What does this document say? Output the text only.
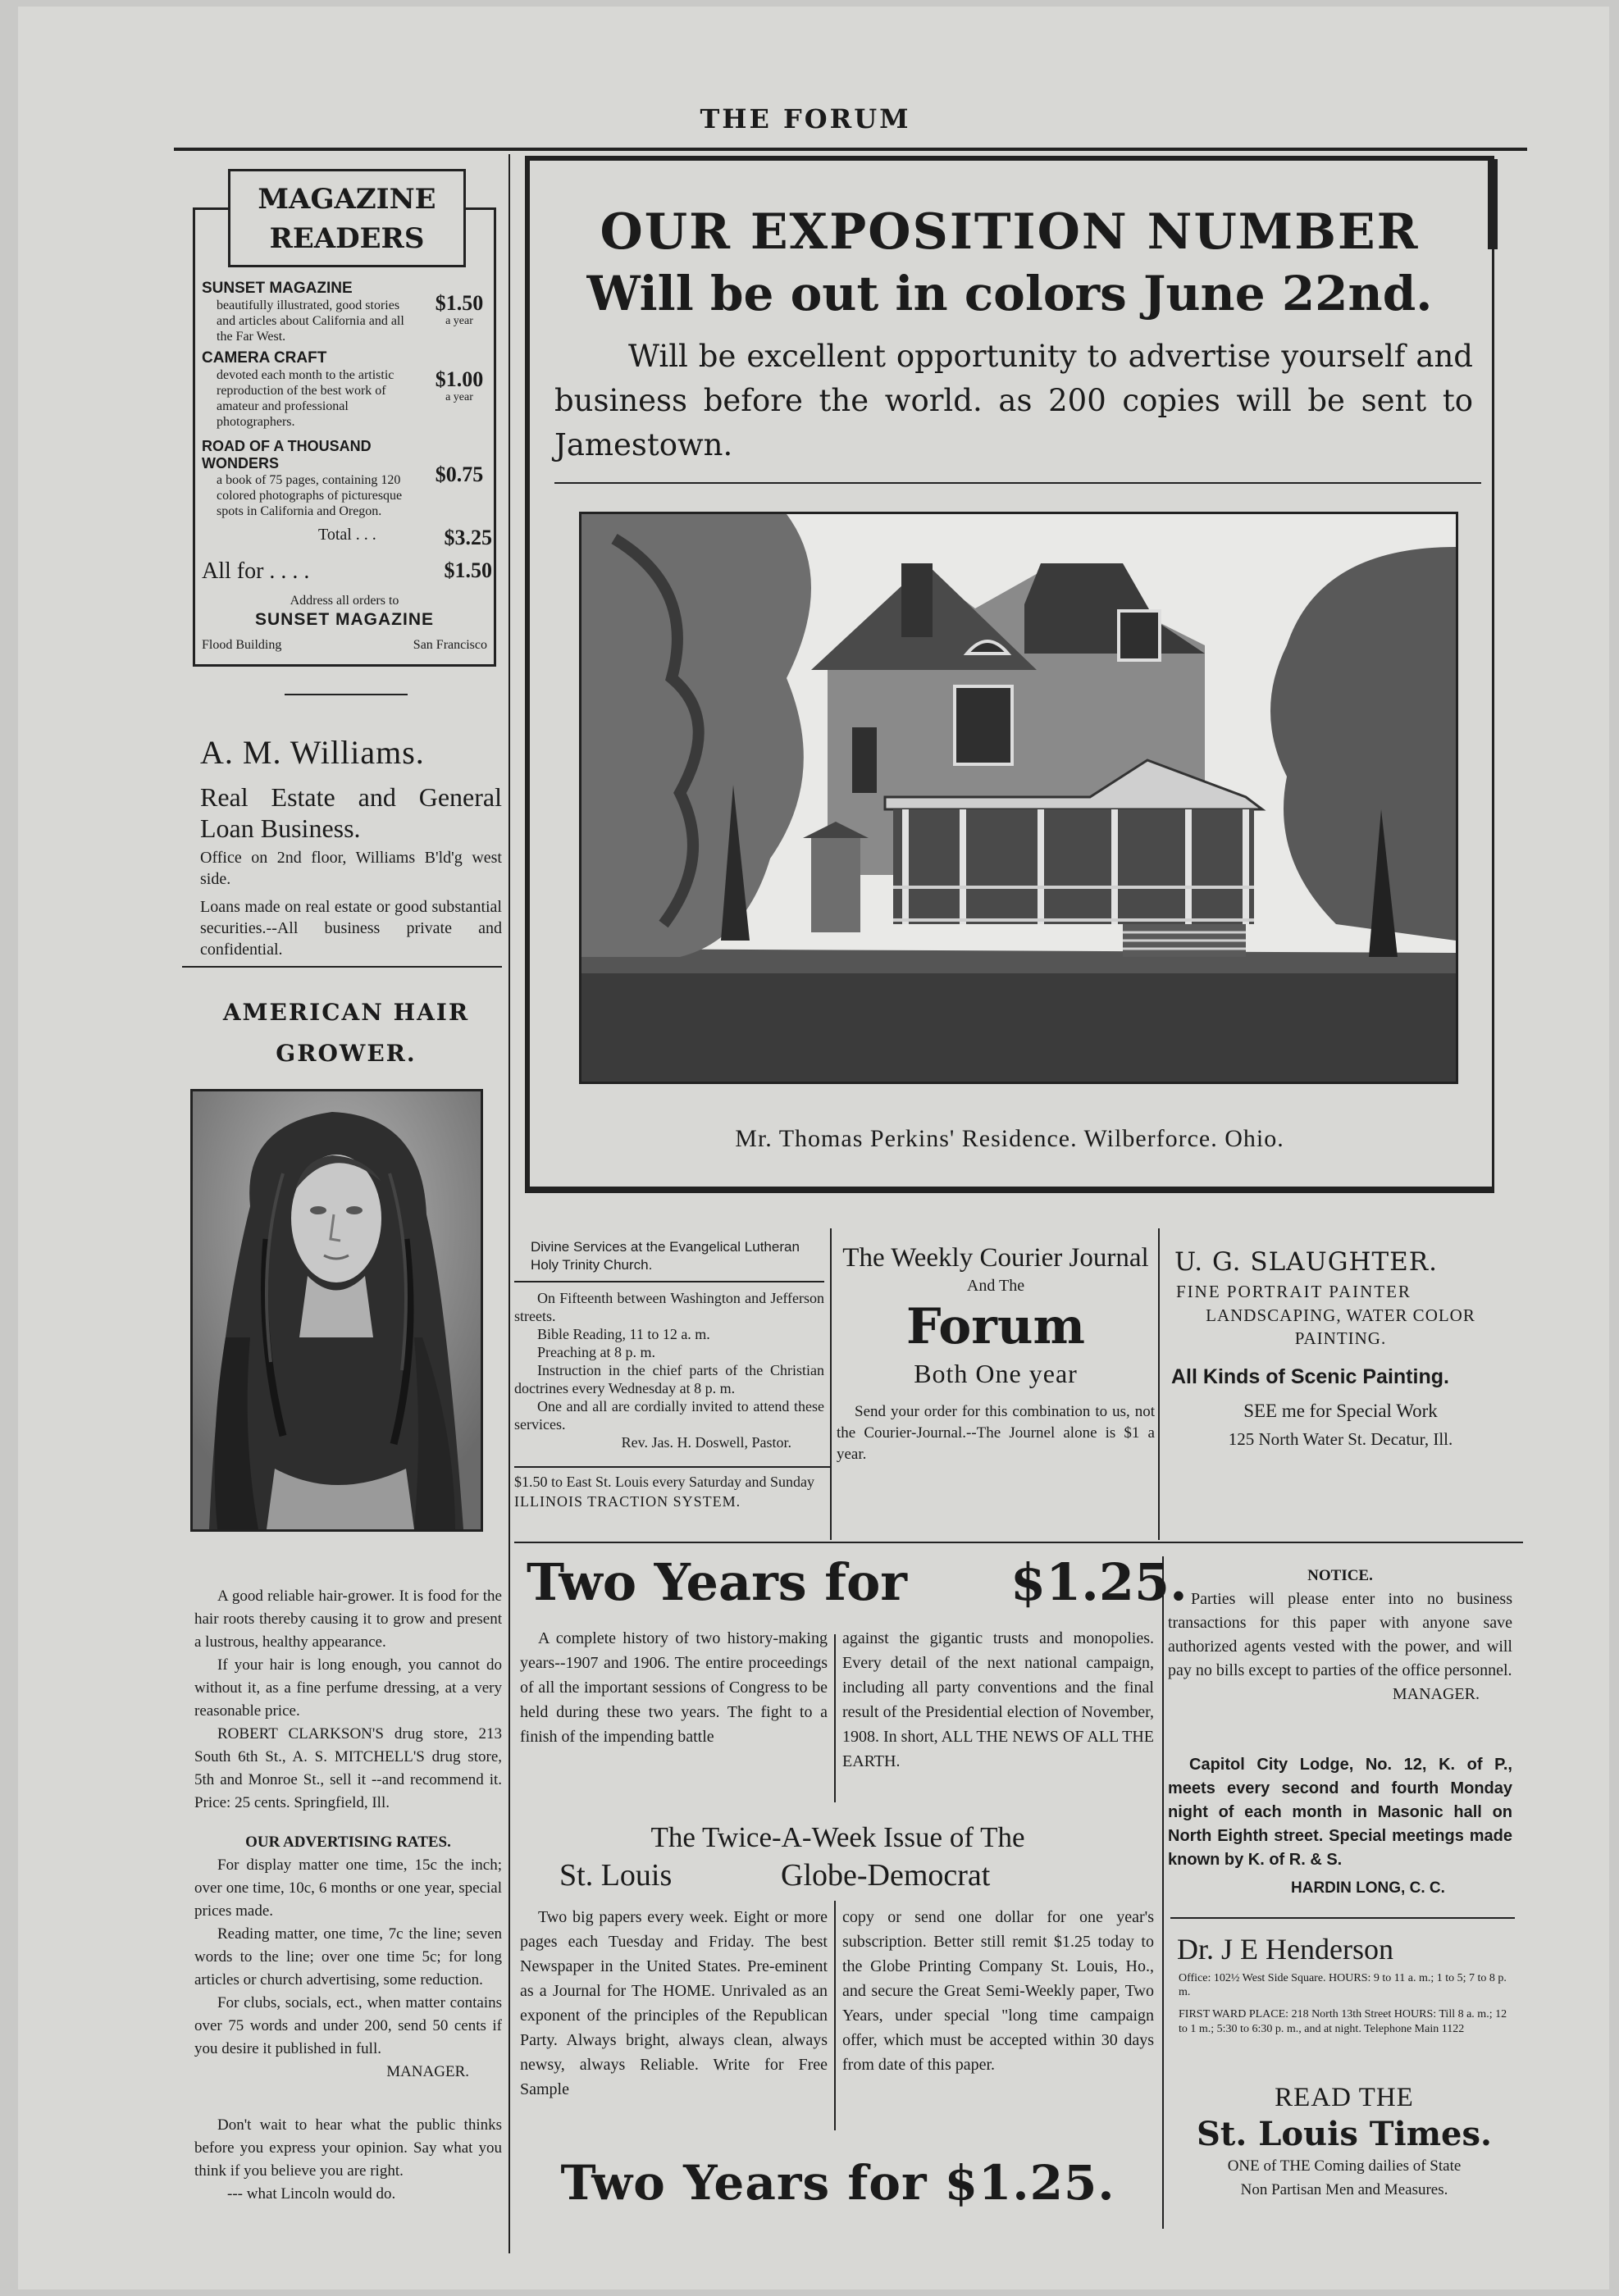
THE FORUM
MAGAZINE
READERS
SUNSET MAGAZINE
beautifully illustrated, good stories and articles about California and all the Far West.
$1.50
a year
CAMERA CRAFT
devoted each month to the artistic reproduction of the best work of amateur and professional photographers.
$1.00
a year
ROAD OF A THOUSAND WONDERS
a book of 75 pages, containing 120 colored photographs of picturesque spots in California and Oregon.
$0.75
Total . . .	$3.25
All for . . . .	$1.50
Address all orders to
SUNSET MAGAZINE
Flood Building	San Francisco
A. M. Williams.
Real Estate and General Loan Business.
Office on 2nd floor, Williams B'ld'g west side.
Loans made on real estate or good substantial securities.--All business private and confidential.
AMERICAN HAIR GROWER.

A good reliable hair-grower. It is food for the hair roots thereby causing it to grow and present a lustrous, healthy appearance.

If your hair is long enough, you cannot do without it, as a fine perfume dressing, at a very reasonable price.

ROBERT CLARKSON'S drug store, 213 South 6th St., A. S. MITCHELL'S drug store, 5th and Monroe St., sell it --and recommend it. Price: 25 cents. Springfield, Ill.

OUR ADVERTISING RATES.

For display matter one time, 15c the inch; over one time, 10c, 6 months or one year, special prices made.

Reading matter, one time, 7c the line; seven words to the line; over one time 5c; for long articles or church advertising, some reduction.

For clubs, socials, ect., when matter contains over 75 words and under 200, send 50 cents if you desire it published in full.

MANAGER.

Don't wait to hear what the public thinks before you express your opinion. Say what you think if you believe you are right.

--- what Lincoln would do.

OUR EXPOSITION NUMBER
Will be out in colors June 22nd.
Will be excellent opportunity to advertise yourself and business before the world. as 200 copies will be sent to Jamestown.
Mr. Thomas Perkins' Residence. Wilberforce. Ohio.
Divine Services at the Evangelical Lutheran Holy Trinity Church.

On Fifteenth between Washington and Jefferson streets.

Bible Reading, 11 to 12 a. m.

Preaching at 8 p. m.

Instruction in the chief parts of the Christian doctrines every Wednesday at 8 p. m.

One and all are cordially invited to attend these services.

Rev. Jas. H. Doswell, Pastor.

$1.50 to East St. Louis every Saturday and Sunday
ILLINOIS TRACTION SYSTEM.
The Weekly Courier Journal
And The
Forum
Both One year
Send your order for this combination to us, not the Courier-Journal.--The Journel alone is $1 a year.
U. G. SLAUGHTER.
FINE PORTRAIT PAINTER
LANDSCAPING, WATER COLOR PAINTING.
All Kinds of Scenic Painting.
SEE me for Special Work
125 North Water St. Decatur, Ill.
Two Years for $1.25.
A complete history of two history-making years--1907 and 1906. The entire proceedings of all the important sessions of Congress to be held during these two years. The fight to a finish of the impending battle
against the gigantic trusts and monopolies. Every detail of the next national campaign, including all party conventions and the final result of the Presidential election of November, 1908. In short, ALL THE NEWS OF ALL THE EARTH.
The Twice-A-Week Issue of The
St. Louis	Globe-Democrat
Two big papers every week. Eight or more pages each Tuesday and Friday. The best Newspaper in the United States. Pre-eminent as a Journal for The HOME. Unrivaled as an exponent of the principles of the Republican Party. Always bright, always clean, always newsy, always Reliable. Write for Free Sample
copy or send one dollar for one year's subscription. Better still remit $1.25 today to the Globe Printing Company St. Louis, Ho., and secure the Great Semi-Weekly paper, Two Years, under special "long time campaign offer, which must be accepted within 30 days from date of this paper.
Two Years for $1.25.
NOTICE.
Parties will please enter into no business transactions for this paper with anyone save authorized agents vested with the power, and will pay no bills except to parties of the office personnel.
MANAGER.
Capitol City Lodge, No. 12, K. of P., meets every second and fourth Monday night of each month in Masonic hall on North Eighth street. Special meetings made known by K. of R. & S.
HARDIN LONG, C. C.
Dr. J E Henderson
Office: 102½ West Side Square. HOURS: 9 to 11 a. m.; 1 to 5; 7 to 8 p. m.
FIRST WARD PLACE: 218 North 13th Street HOURS: Till 8 a. m.; 12 to 1 m.; 5:30 to 6:30 p. m., and at night. Telephone Main 1122
READ THE
St. Louis Times.
ONE of THE Coming dailies of State
Non Partisan Men and Measures.
